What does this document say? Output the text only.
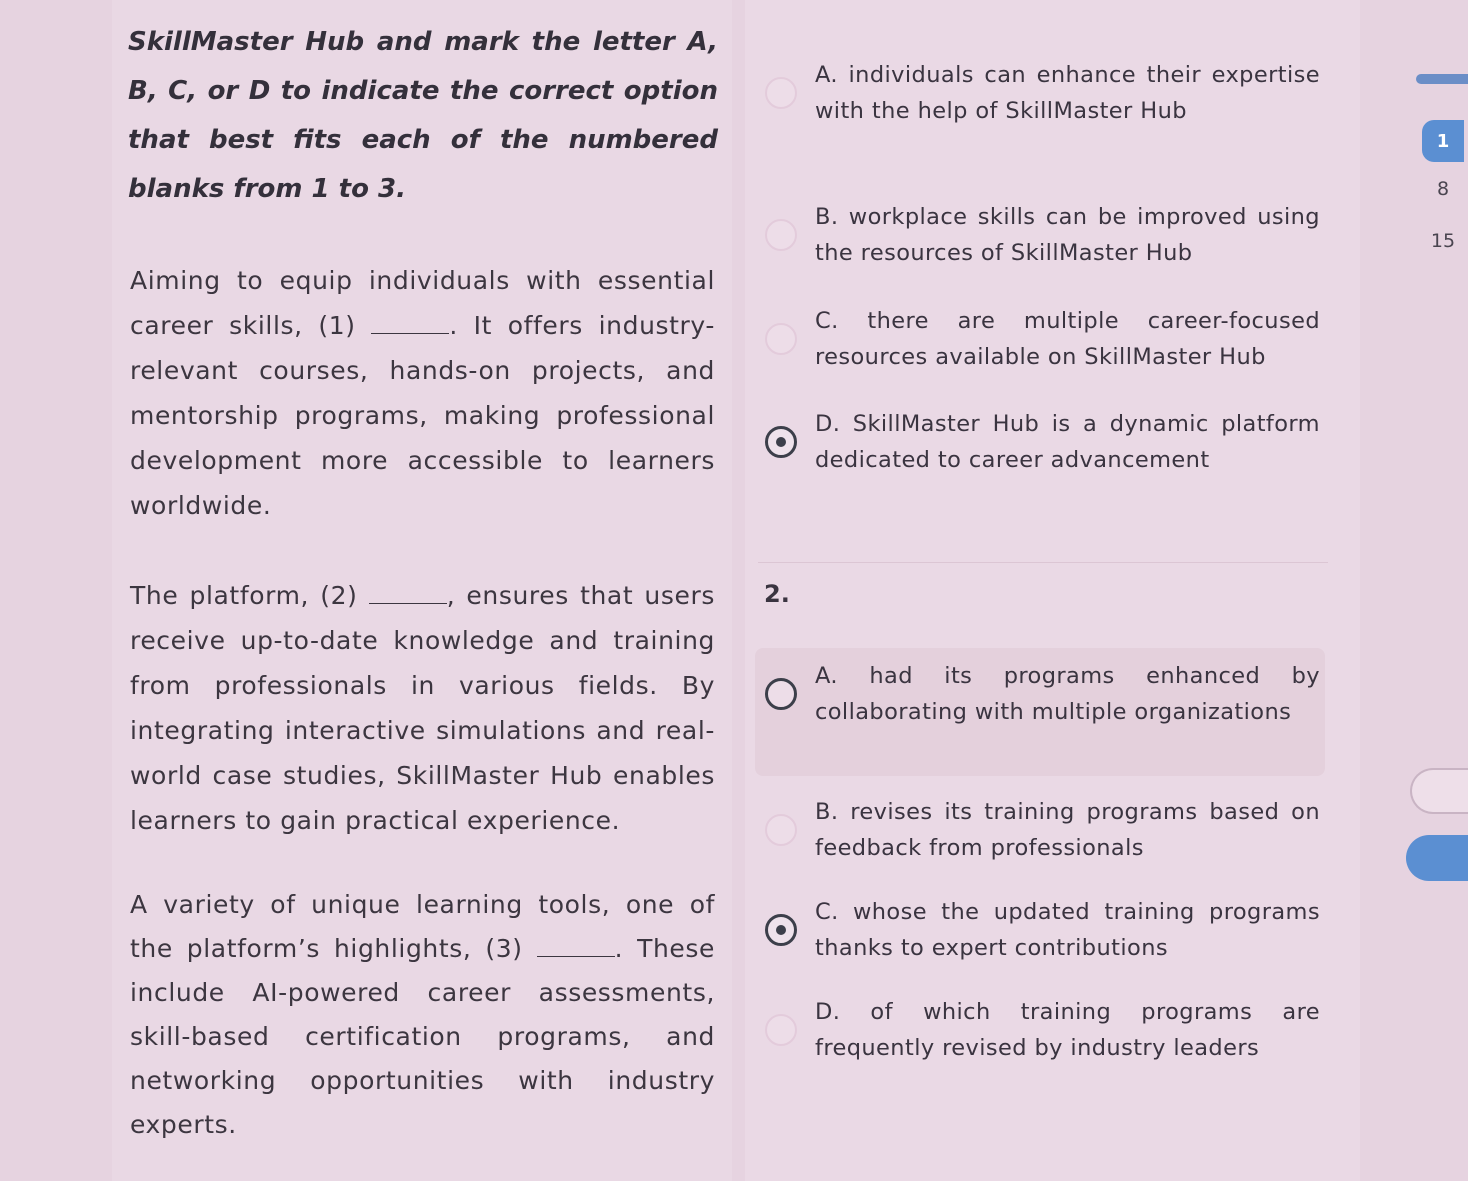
SkillMaster Hub and mark the letter A, B, C, or D to indicate the correct option that best fits each of the numbered blanks from 1 to 3.
Aiming to equip individuals with essential career skills, (1)	. It offers industry-relevant courses, hands-on projects, and mentorship programs, making professional development more accessible to learners worldwide.
The platform, (2)	, ensures that users receive up-to-date knowledge and training from professionals in various fields. By integrating interactive simulations and real-world case studies, SkillMaster Hub enables learners to gain practical experience.
A variety of unique learning tools, one of the platform’s highlights, (3)	. These include AI-powered career assessments, skill-based certification programs, and networking opportunities with industry experts.
A. individuals can enhance their expertise with the help of SkillMaster Hub
B. workplace skills can be improved using the resources of SkillMaster Hub
C. there are multiple career-focused resources available on SkillMaster Hub
D. SkillMaster Hub is a dynamic platform dedicated to career advancement
2.
A. had its programs enhanced by collaborating with multiple organizations
B. revises its training programs based on feedback from professionals
C. whose the updated training programs thanks to expert contributions
D. of which training programs are frequently revised by industry leaders
1
8
15
